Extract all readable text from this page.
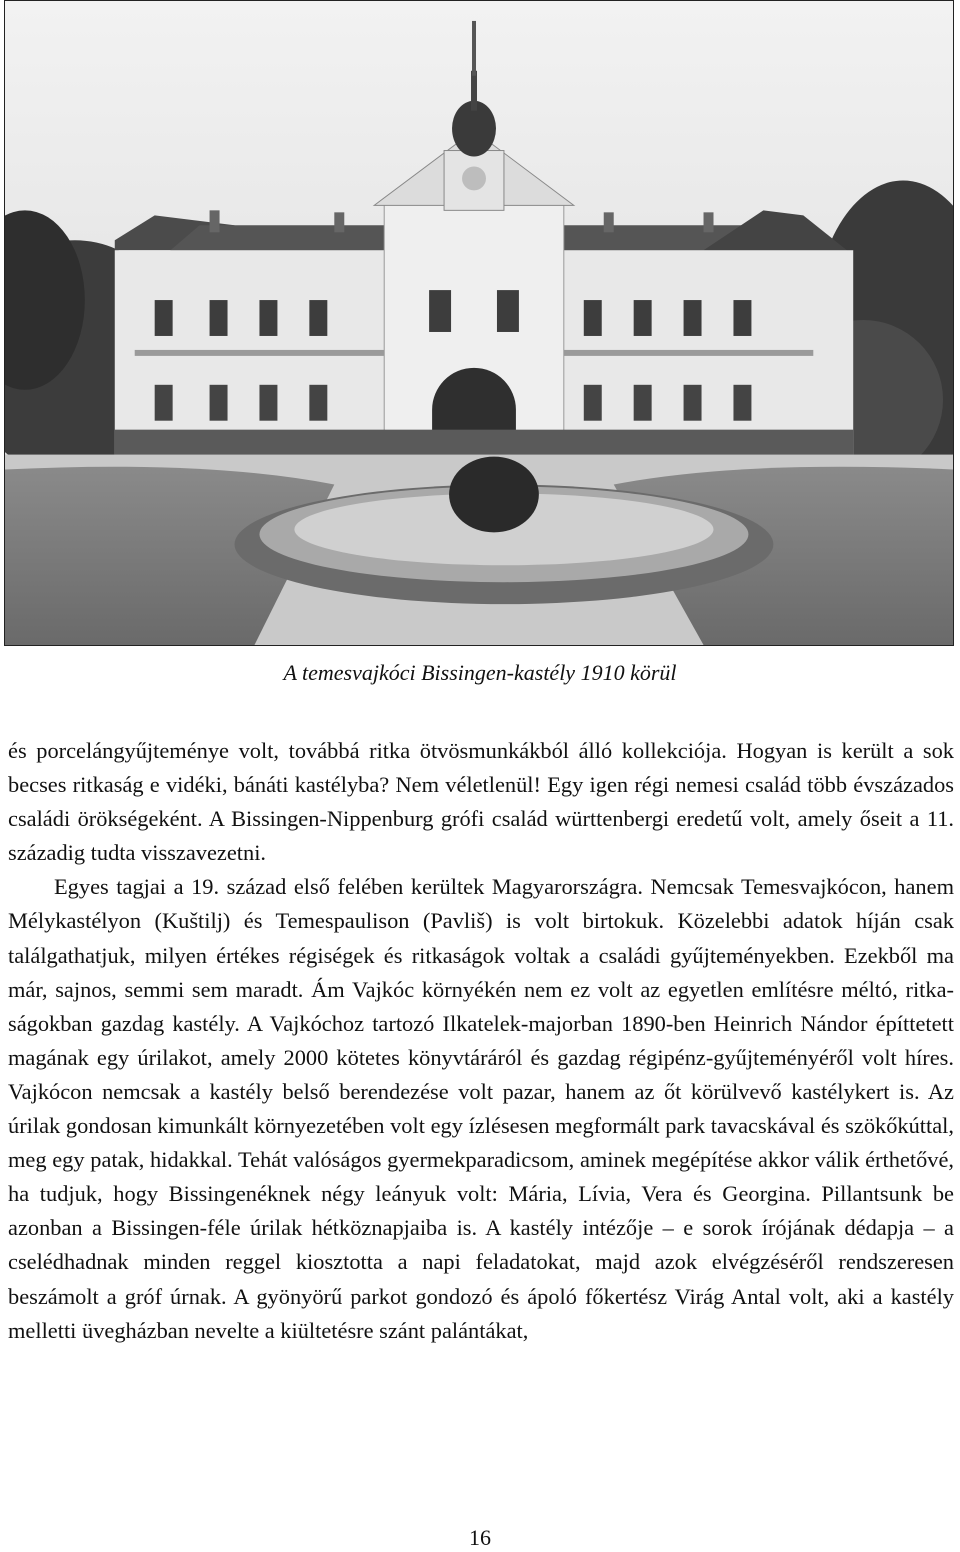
A temesvajkóci Bissingen-kastély 1910 körül

és porcelángyűjteménye volt, továbbá ritka ötvösmunkákból álló kollekciója. Hogyan is került a sok becses ritkaság e vidéki, bánáti kastélyba? Nem véletlenül! Egy igen régi nemesi család több évszázados családi örökségeként. A Bissingen-Nippenburg grófi család württenbergi eredetű volt, amely őseit a 11. századig tudta visszavezetni.

Egyes tagjai a 19. század első felében kerültek Magyarországra. Nemcsak Temesvajkócon, hanem Mélykastélyon (Kuštilj) és Temespaulison (Pavliš) is volt birtokuk. Közelebbi adatok híján csak találgathatjuk, milyen értékes régiségek és ritkaságok voltak a családi gyűjteményekben. Ezekből ma már, sajnos, semmi sem maradt. Ám Vajkóc környékén nem ez volt az egyetlen említésre méltó, ritkaságokban gazdag kastély. A Vajkóchoz tartozó Ilkatelek-majorban 1890-ben Heinrich Nándor építtetett magának egy úrilakot, amely 2000 kötetes könyvtáráról és gazdag régipénz-gyűjteményéről volt híres. Vajkócon nemcsak a kastély belső berendezése volt pazar, hanem az őt körülvevő kastélykert is. Az úrilak gondosan kimunkált környezetében volt egy ízlésesen megformált park tavacskával és szökőkúttal, meg egy patak, hidakkal. Tehát valóságos gyermekparadicsom, aminek megépítése akkor válik érthetővé, ha tudjuk, hogy Bissingenéknek négy leányuk volt: Mária, Lívia, Vera és Georgina. Pillantsunk be azonban a Bissingen-féle úrilak hétköznapjaiba is. A kastély intézője – e sorok írójának dédapja – a cselédhadnak minden reggel kiosztotta a napi feladatokat, majd azok elvégzéséről rendszeresen beszámolt a gróf úrnak. A gyönyörű parkot gondozó és ápoló főkertész Virág Antal volt, aki a kastély melletti üvegházban nevelte a kiültetésre szánt palántákat,

16
